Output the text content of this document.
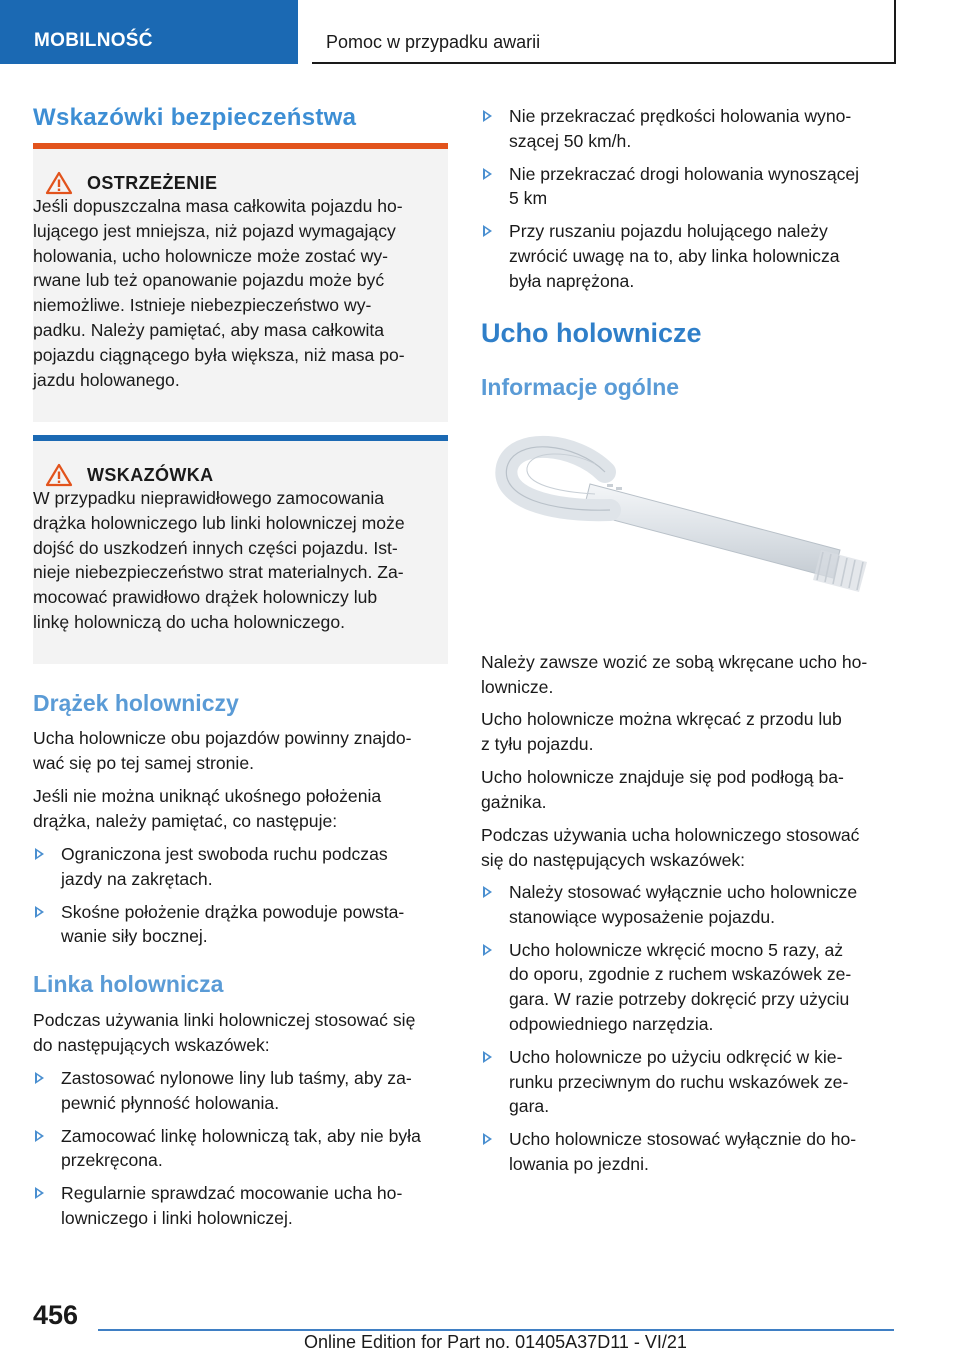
MOBILNOŚĆ	Pomoc w przypadku awarii
Wskazówki bezpieczeństwa
OSTRZEŻENIE
Jeśli dopuszczalna masa całkowita pojazdu ho‐
lującego jest mniejsza, niż pojazd wymagający
holowania, ucho holownicze może zostać wy‐
rwane lub też opanowanie pojazdu może być
niemożliwe. Istnieje niebezpieczeństwo wy‐
padku. Należy pamiętać, aby masa całkowita
pojazdu ciągnącego była większa, niż masa po‐
jazdu holowanego.
WSKAZÓWKA
W przypadku nieprawidłowego zamocowania
drążka holowniczego lub linki holowniczej może
dojść do uszkodzeń innych części pojazdu. Ist‐
nieje niebezpieczeństwo strat materialnych. Za‐
mocować prawidłowo drążek holowniczy lub
linkę holowniczą do ucha holowniczego.
Drążek holowniczy
Ucha holownicze obu pojazdów powinny znajdo‐
wać się po tej samej stronie.
Jeśli nie można uniknąć ukośnego położenia
drążka, należy pamiętać, co następuje:
Ograniczona jest swoboda ruchu podczas
jazdy na zakrętach.
Skośne położenie drążka powoduje powsta‐
wanie siły bocznej.
Linka holownicza
Podczas używania linki holowniczej stosować się
do następujących wskazówek:
Zastosować nylonowe liny lub taśmy, aby za‐
pewnić płynność holowania.
Zamocować linkę holowniczą tak, aby nie była
przekręcona.
Regularnie sprawdzać mocowanie ucha ho‐
lowniczego i linki holowniczej.
Nie przekraczać prędkości holowania wyno‐
szącej 50 km/h.
Nie przekraczać drogi holowania wynoszącej
5 km
Przy ruszaniu pojazdu holującego należy
zwrócić uwagę na to, aby linka holownicza
była naprężona.
Ucho holownicze
Informacje ogólne
Należy zawsze wozić ze sobą wkręcane ucho ho‐
lownicze.
Ucho holownicze można wkręcać z przodu lub
z tyłu pojazdu.
Ucho holownicze znajduje się pod podłogą ba‐
gażnika.
Podczas używania ucha holowniczego stosować
się do następujących wskazówek:
Należy stosować wyłącznie ucho holownicze
stanowiące wyposażenie pojazdu.
Ucho holownicze wkręcić mocno 5 razy, aż
do oporu, zgodnie z ruchem wskazówek ze‐
gara. W razie potrzeby dokręcić przy użyciu
odpowiedniego narzędzia.
Ucho holownicze po użyciu odkręcić w kie‐
runku przeciwnym do ruchu wskazówek ze‐
gara.
Ucho holownicze stosować wyłącznie do ho‐
lowania po jezdni.
456
Online Edition for Part no. 01405A37D11 - VI/21
